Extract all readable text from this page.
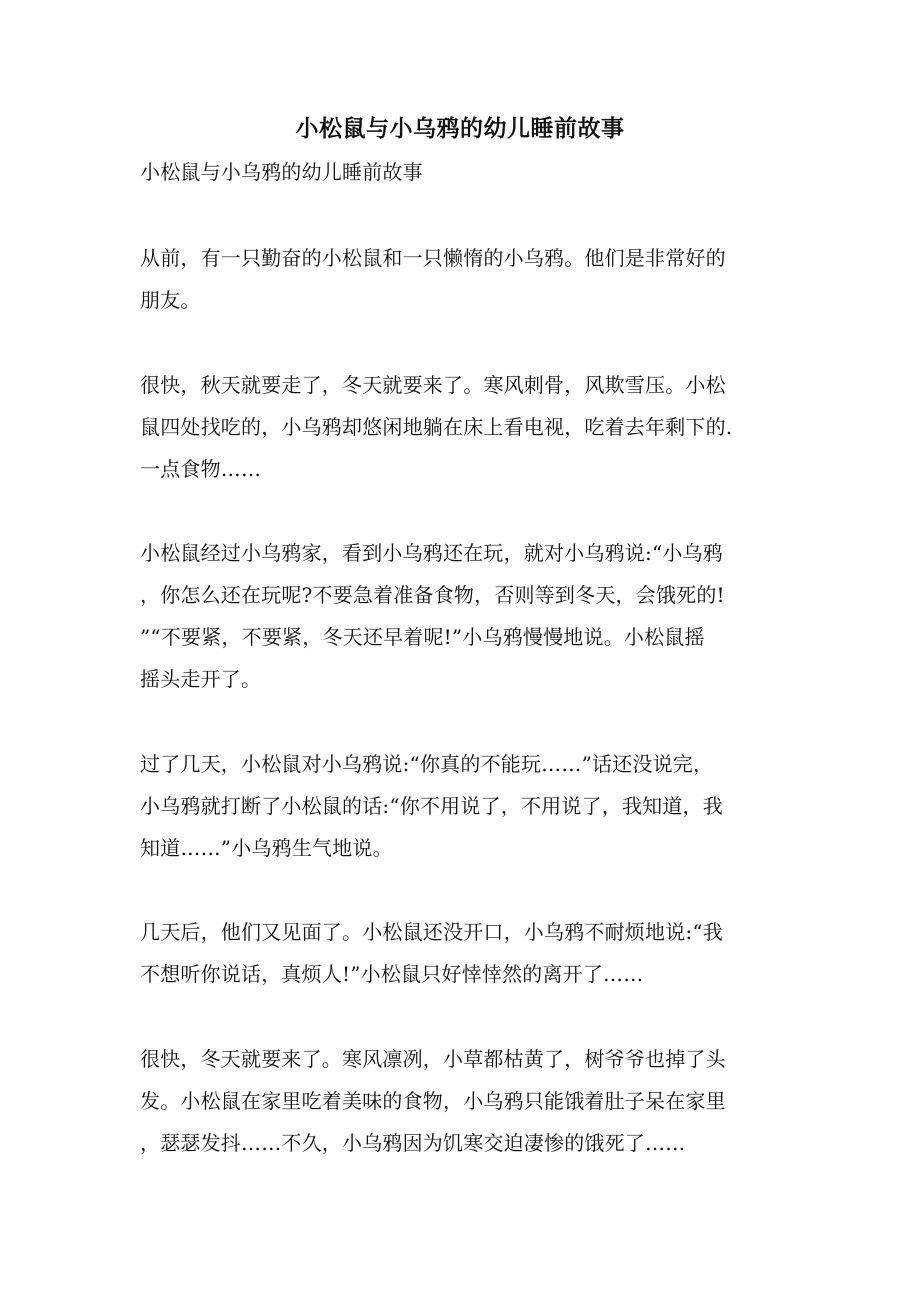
小松鼠与小乌鸦的幼儿睡前故事
小松鼠与小乌鸦的幼儿睡前故事
从前，有一只勤奋的小松鼠和一只懒惰的小乌鸦。他们是非常好的
朋友。
很快，秋天就要走了，冬天就要来了。寒风刺骨，风欺雪压。小松
鼠四处找吃的，小乌鸦却悠闲地躺在床上看电视，吃着去年剩下的.
一点食物……
小松鼠经过小乌鸦家，看到小乌鸦还在玩，就对小乌鸦说:“小乌鸦
，你怎么还在玩呢?不要急着准备食物，否则等到冬天，会饿死的!
”“不要紧，不要紧，冬天还早着呢!”小乌鸦慢慢地说。小松鼠摇
摇头走开了。
过了几天，小松鼠对小乌鸦说:“你真的不能玩……”话还没说完，
小乌鸦就打断了小松鼠的话:“你不用说了，不用说了，我知道，我
知道……”小乌鸦生气地说。
几天后，他们又见面了。小松鼠还没开口，小乌鸦不耐烦地说:“我
不想听你说话，真烦人!”小松鼠只好悻悻然的离开了……
很快，冬天就要来了。寒风凛冽，小草都枯黄了，树爷爷也掉了头
发。小松鼠在家里吃着美味的食物，小乌鸦只能饿着肚子呆在家里
，瑟瑟发抖……不久，小乌鸦因为饥寒交迫凄惨的饿死了……
